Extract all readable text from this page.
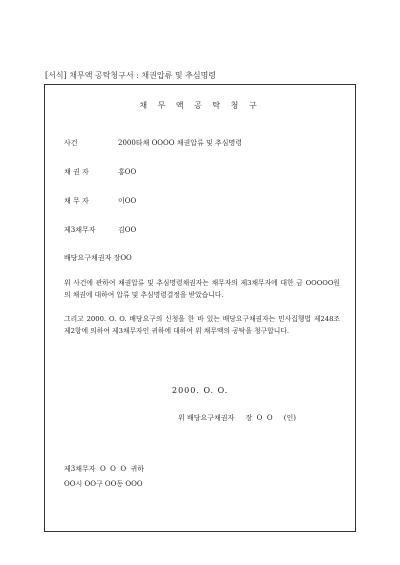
[서식] 채무액 공탁청구서 : 채권압류 및 추심명령
채 무 액 공 탁 청 구
사건	2000타채 OOOO 채권압류 및 추심명령
채 권 자	홍OO
채 무 자	이OO
제3채무자	김OO
배당요구채권자 장OO

위 사건에 관하여 채권압류 및 추심명령채권자는 채무자의 제3채무자에 대한 금 OOOOO원의 채권에 대하여 압류 및 추심명령결정을 받았습니다.

그리고 2000. O. O. 배당요구의 신청을 한 바 있는 배당요구채권자는 민사집행법 제248조 제2항에 의하여 제3채무자인 귀하에 대하여 위 채무액의 공탁을 청구합니다.

2000. O. O.
위 배당요구채권자     장  O  O     (인)
제3채무자  O  O  O  귀하
OO시 OO구 OO동 OOO
